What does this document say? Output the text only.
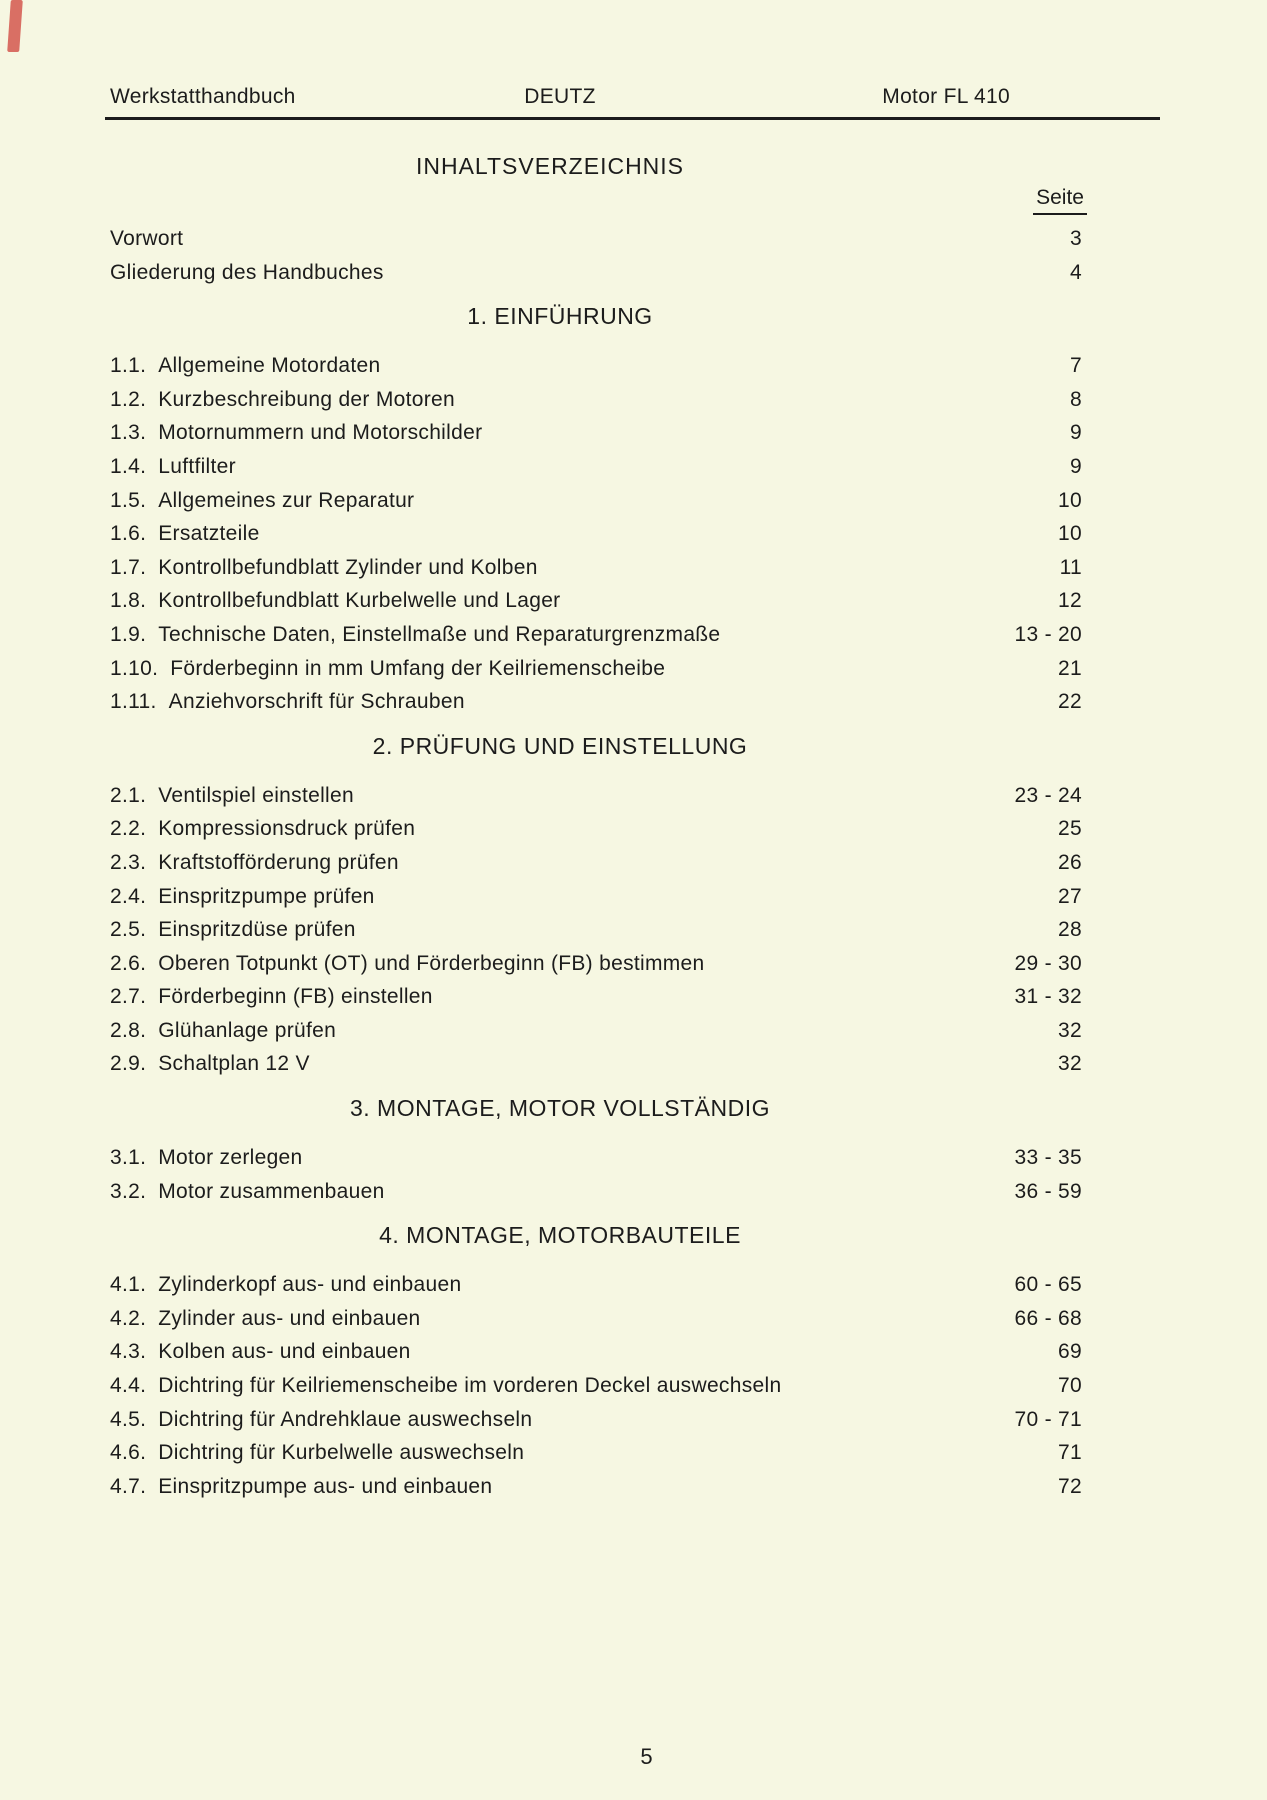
Werkstatthandbuch	DEUTZ	Motor FL 410
INHALTSVERZEICHNIS
Seite
Vorwort	3
Gliederung des Handbuches	4
1. EINFÜHRUNG
1.1. Allgemeine Motordaten	7
1.2. Kurzbeschreibung der Motoren	8
1.3. Motornummern und Motorschilder	9
1.4. Luftfilter	9
1.5. Allgemeines zur Reparatur	10
1.6. Ersatzteile	10
1.7. Kontrollbefundblatt Zylinder und Kolben	11
1.8. Kontrollbefundblatt Kurbelwelle und Lager	12
1.9. Technische Daten, Einstellmaße und Reparaturgrenzmaße	13 - 20
1.10. Förderbeginn in mm Umfang der Keilriemenscheibe	21
1.11. Anziehvorschrift für Schrauben	22
2. PRÜFUNG UND EINSTELLUNG
2.1. Ventilspiel einstellen	23 - 24
2.2. Kompressionsdruck prüfen	25
2.3. Kraftstofförderung prüfen	26
2.4. Einspritzpumpe prüfen	27
2.5. Einspritzdüse prüfen	28
2.6. Oberen Totpunkt (OT) und Förderbeginn (FB) bestimmen	29 - 30
2.7. Förderbeginn (FB) einstellen	31 - 32
2.8. Glühanlage prüfen	32
2.9. Schaltplan 12 V	32
3. MONTAGE, MOTOR VOLLSTÄNDIG
3.1. Motor zerlegen	33 - 35
3.2. Motor zusammenbauen	36 - 59
4. MONTAGE, MOTORBAUTEILE
4.1. Zylinderkopf aus- und einbauen	60 - 65
4.2. Zylinder aus- und einbauen	66 - 68
4.3. Kolben aus- und einbauen	69
4.4. Dichtring für Keilriemenscheibe im vorderen Deckel auswechseln	70
4.5. Dichtring für Andrehklaue auswechseln	70 - 71
4.6. Dichtring für Kurbelwelle auswechseln	71
4.7. Einspritzpumpe aus- und einbauen	72
5
